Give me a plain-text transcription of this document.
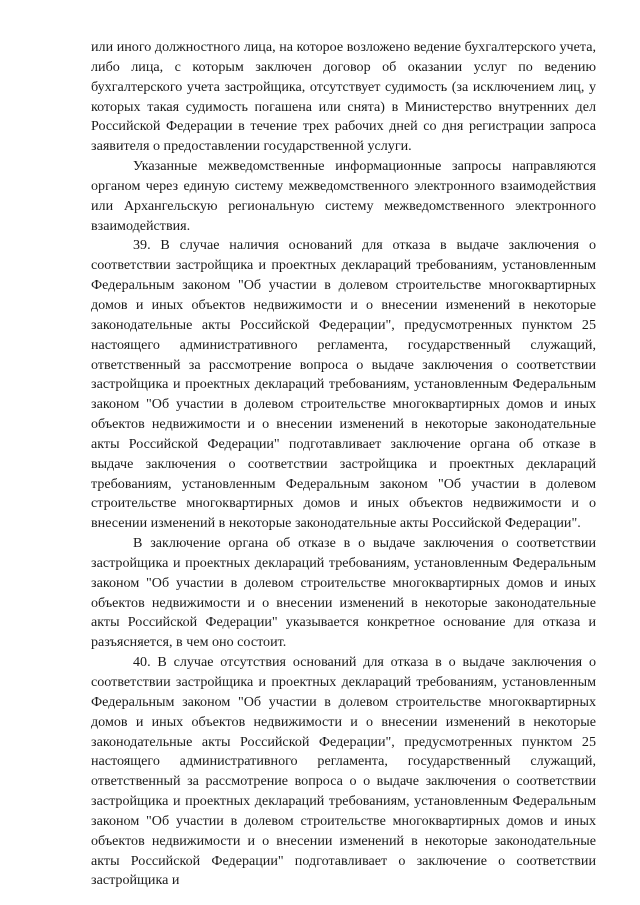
или иного должностного лица, на которое возложено ведение бухгалтерского учета, либо лица, с которым заключен договор об оказании услуг по ведению бухгалтерского учета застройщика, отсутствует судимость (за исключением лиц, у которых такая судимость погашена или снята) в Министерство внутренних дел Российской Федерации в течение трех рабочих дней со дня регистрации запроса заявителя о предоставлении государственной услуги.

Указанные межведомственные информационные запросы направляются органом через единую систему межведомственного электронного взаимодействия или Архангельскую региональную систему межведомственного электронного взаимодействия.

39. В случае наличия оснований для отказа в выдаче заключения о соответствии застройщика и проектных деклараций требованиям, установленным Федеральным законом "Об участии в долевом строительстве многоквартирных домов и иных объектов недвижимости и о внесении изменений в некоторые законодательные акты Российской Федерации", предусмотренных пунктом 25 настоящего административного регламента, государственный служащий, ответственный за рассмотрение вопроса о выдаче заключения о соответствии застройщика и проектных деклараций требованиям, установленным Федеральным законом "Об участии в долевом строительстве многоквартирных домов и иных объектов недвижимости и о внесении изменений в некоторые законодательные акты Российской Федерации" подготавливает заключение органа об отказе в выдаче заключения о соответствии застройщика и проектных деклараций требованиям, установленным Федеральным законом "Об участии в долевом строительстве многоквартирных домов и иных объектов недвижимости и о внесении изменений в некоторые законодательные акты Российской Федерации".

В заключение органа об отказе в о выдаче заключения о соответствии застройщика и проектных деклараций требованиям, установленным Федеральным законом "Об участии в долевом строительстве многоквартирных домов и иных объектов недвижимости и о внесении изменений в некоторые законодательные акты Российской Федерации" указывается конкретное основание для отказа и разъясняется, в чем оно состоит.

40. В случае отсутствия оснований для отказа в о выдаче заключения о соответствии застройщика и проектных деклараций требованиям, установленным Федеральным законом "Об участии в долевом строительстве многоквартирных домов и иных объектов недвижимости и о внесении изменений в некоторые законодательные акты Российской Федерации", предусмотренных пунктом 25 настоящего административного регламента, государственный служащий, ответственный за рассмотрение вопроса о о выдаче заключения о соответствии застройщика и проектных деклараций требованиям, установленным Федеральным законом "Об участии в долевом строительстве многоквартирных домов и иных объектов недвижимости и о внесении изменений в некоторые законодательные акты Российской Федерации" подготавливает о заключение о соответствии застройщика и
